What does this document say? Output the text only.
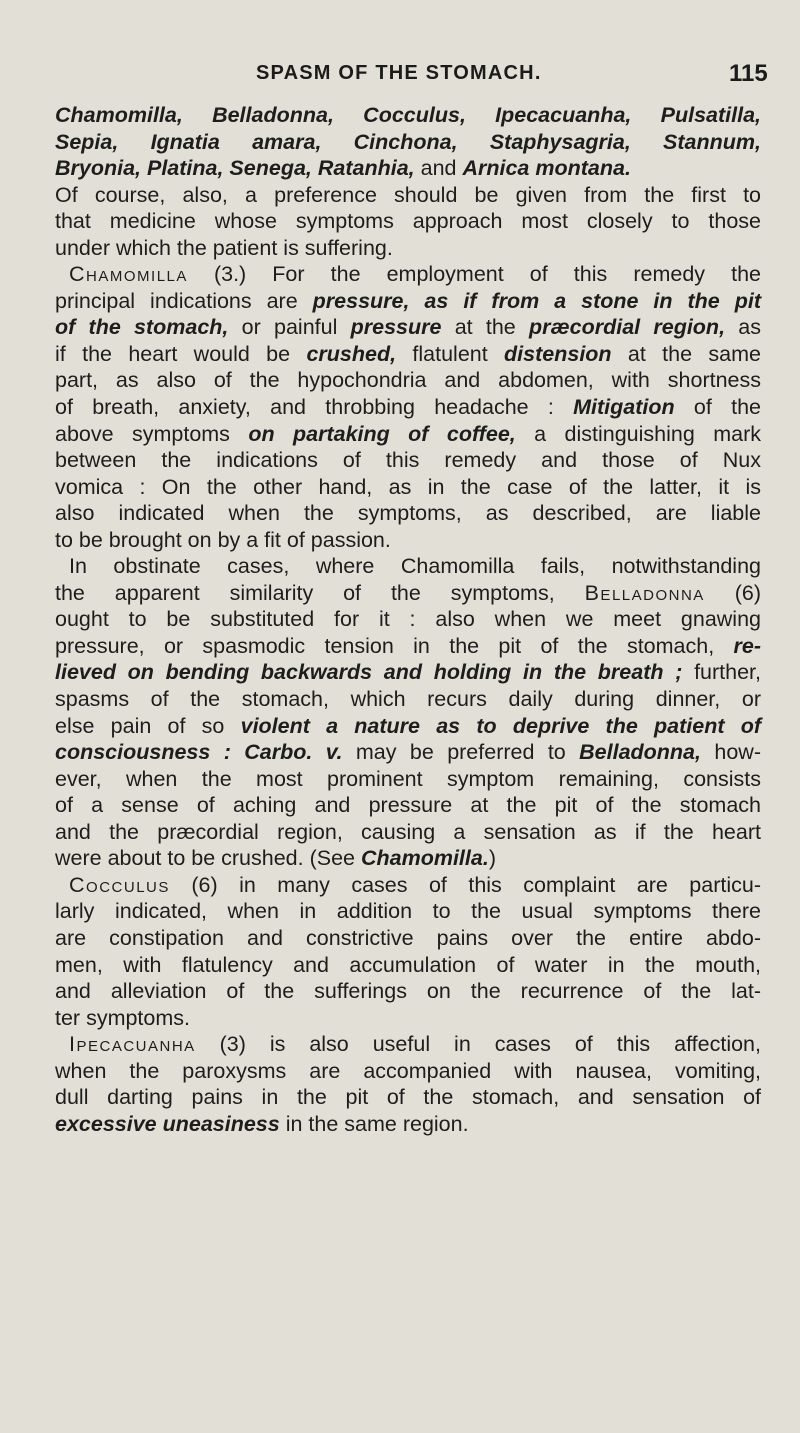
SPASM OF THE STOMACH.	115
Chamomilla, Belladonna, Cocculus, Ipecacuanha, Pulsatilla,
Sepia, Ignatia amara, Cinchona, Staphysagria, Stannum,
Bryonia, Platina, Senega, Ratanhia, and Arnica montana.
Of course, also, a preference should be given from the first to
that medicine whose symptoms approach most closely to those
under which the patient is suffering.
Chamomilla (3.) For the employment of this remedy the
principal indications are pressure, as if from a stone in the pit
of the stomach, or painful pressure at the præcordial region, as
if the heart would be crushed, flatulent distension at the same
part, as also of the hypochondria and abdomen, with shortness
of breath, anxiety, and throbbing headache : Mitigation of the
above symptoms on partaking of coffee, a distinguishing mark
between the indications of this remedy and those of Nux
vomica : On the other hand, as in the case of the latter, it is
also indicated when the symptoms, as described, are liable
to be brought on by a fit of passion.
In obstinate cases, where Chamomilla fails, notwithstanding
the apparent similarity of the symptoms, Belladonna (6)
ought to be substituted for it : also when we meet gnawing
pressure, or spasmodic tension in the pit of the stomach, re-
lieved on bending backwards and holding in the breath ; further,
spasms of the stomach, which recurs daily during dinner, or
else pain of so violent a nature as to deprive the patient of
consciousness : Carbo. v. may be preferred to Belladonna, how-
ever, when the most prominent symptom remaining, consists
of a sense of aching and pressure at the pit of the stomach
and the præcordial region, causing a sensation as if the heart
were about to be crushed. (See Chamomilla.)
Cocculus (6) in many cases of this complaint are particu-
larly indicated, when in addition to the usual symptoms there
are constipation and constrictive pains over the entire abdo-
men, with flatulency and accumulation of water in the mouth,
and alleviation of the sufferings on the recurrence of the lat-
ter symptoms.
Ipecacuanha (3) is also useful in cases of this affection,
when the paroxysms are accompanied with nausea, vomiting,
dull darting pains in the pit of the stomach, and sensation of
excessive uneasiness in the same region.
